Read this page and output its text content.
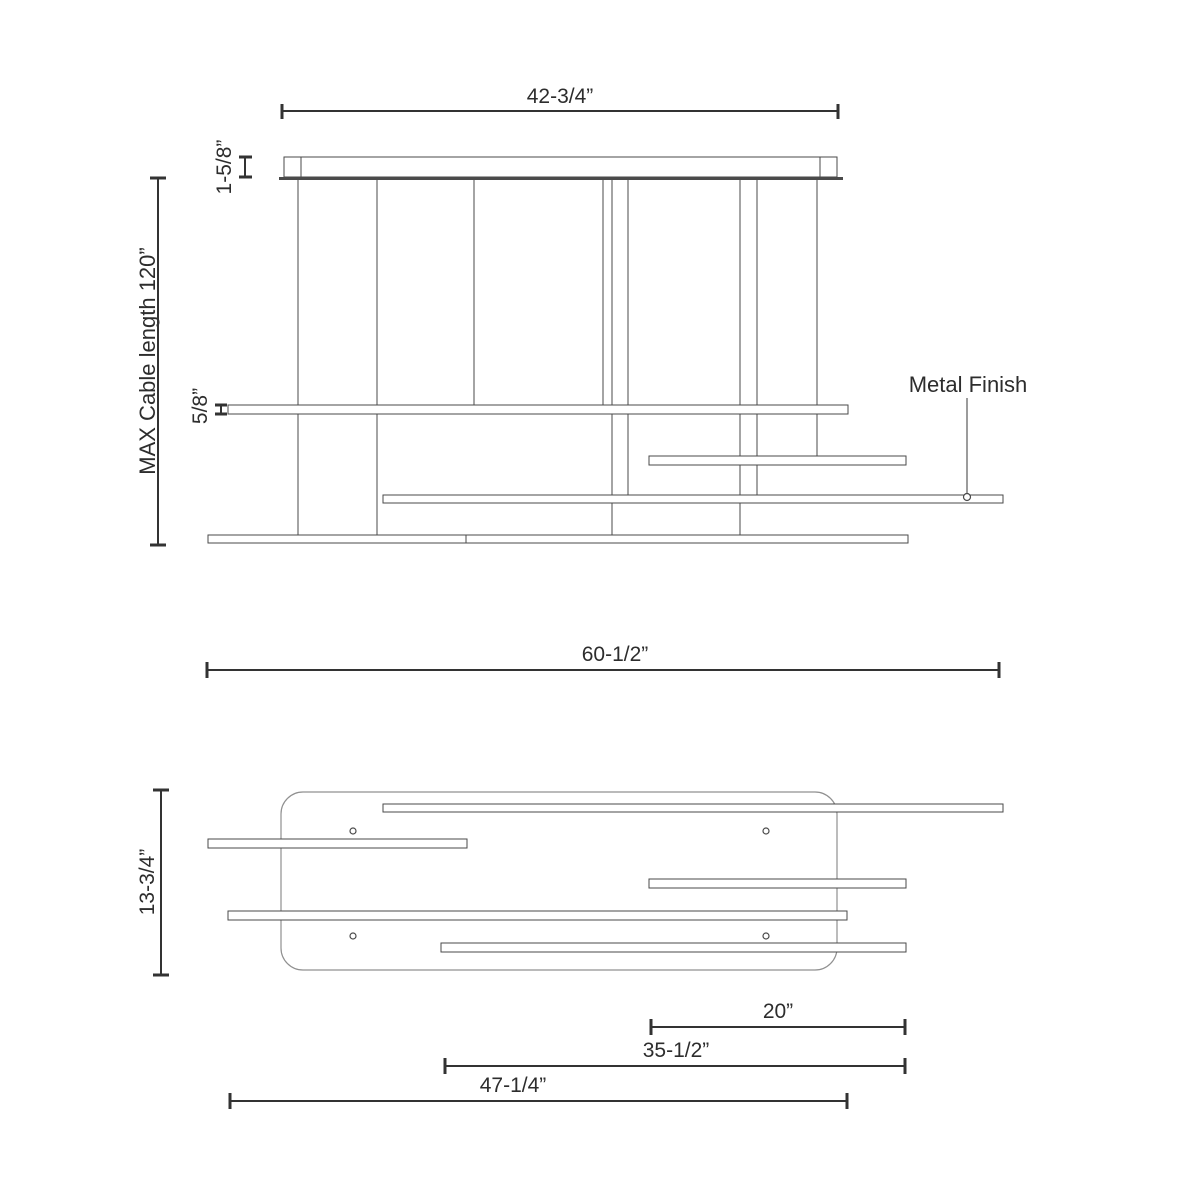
42-3/4”
1-5/8”
MAX Cable length 120” 5/8”
Metal Finish
60-1/2”
13-3/4”
20”
35-1/2”
47-1/4”
